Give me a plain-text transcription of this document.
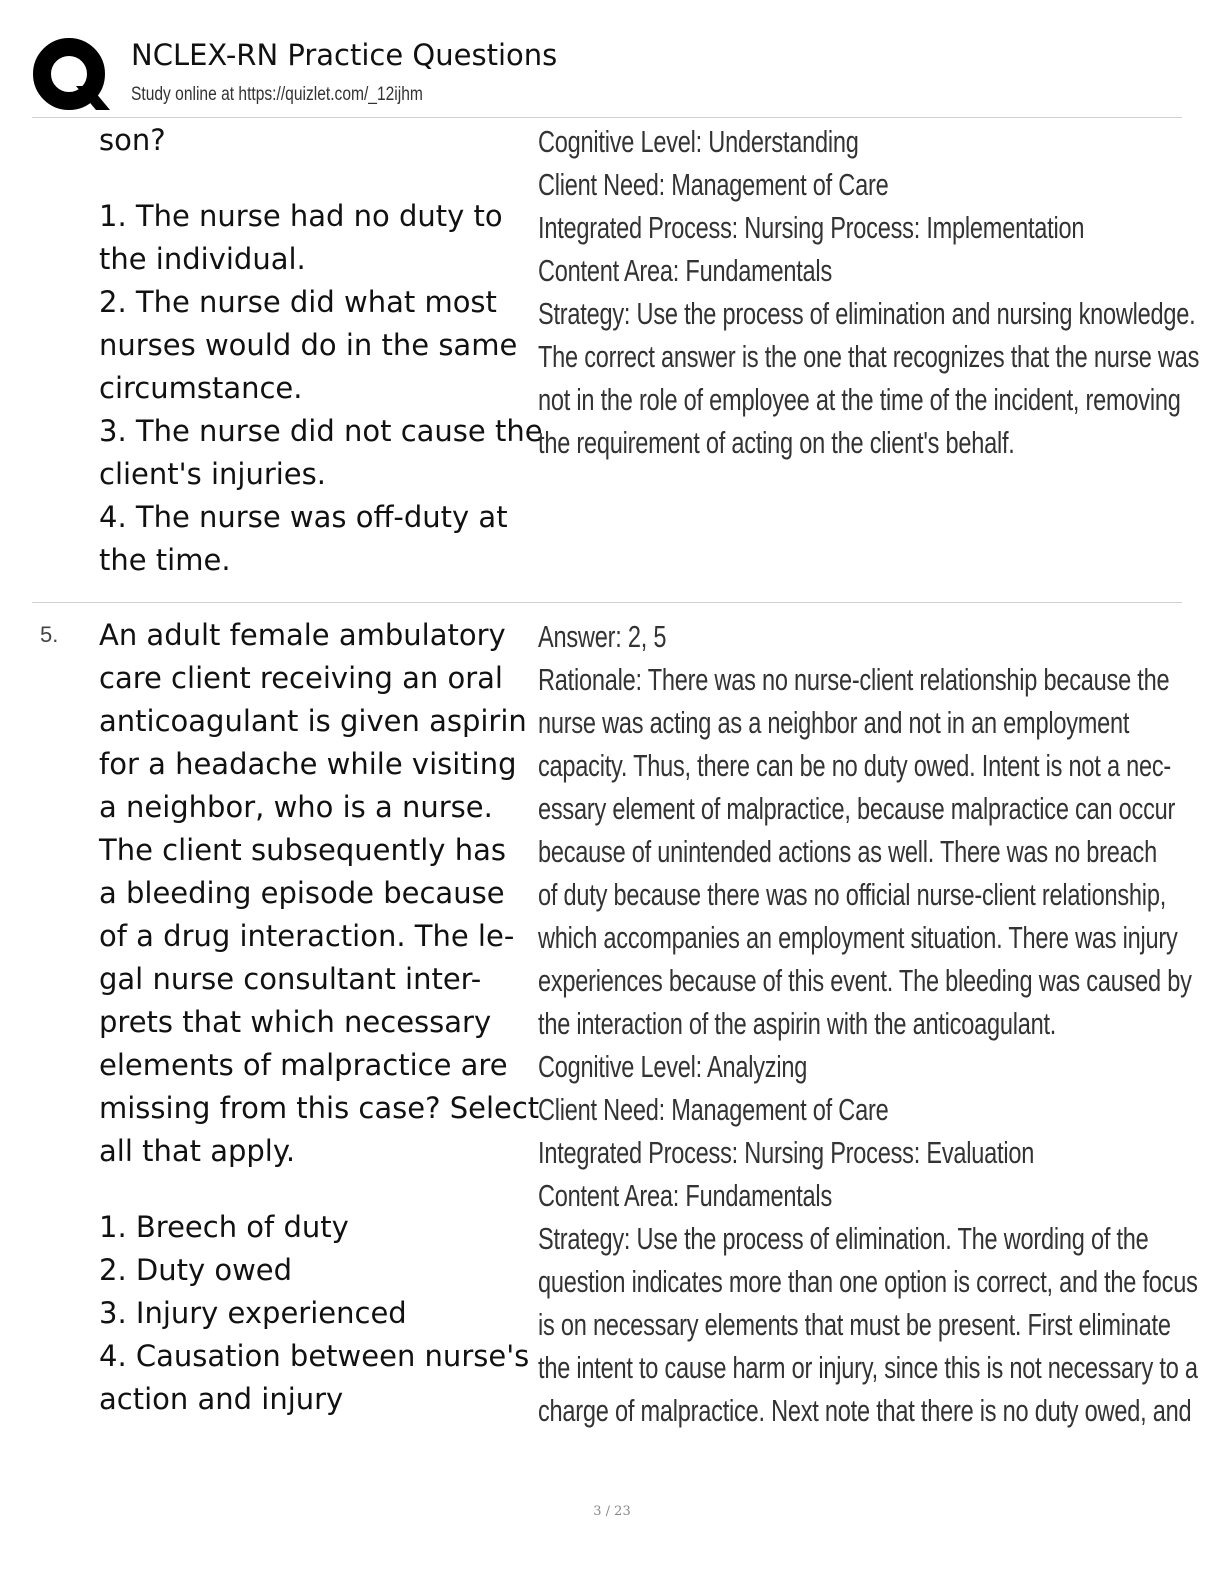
NCLEX-RN Practice Questions
Study online at https://quizlet.com/_12ijhm
son?
1. The nurse had no duty to
the individual.
2. The nurse did what most
nurses would do in the same
circumstance.
3. The nurse did not cause the
client's injuries.
4. The nurse was off-duty at
the time.
Cognitive Level: Understanding
Client Need: Management of Care
Integrated Process: Nursing Process: Implementation
Content Area: Fundamentals
Strategy: Use the process of elimination and nursing knowledge.
The correct answer is the one that recognizes that the nurse was
not in the role of employee at the time of the incident, removing
the requirement of acting on the client's behalf.
5. An adult female ambulatory
care client receiving an oral
anticoagulant is given aspirin
for a headache while visiting
a neighbor, who is a nurse.
The client subsequently has
a bleeding episode because
of a drug interaction. The le-
gal nurse consultant inter-
prets that which necessary
elements of malpractice are
missing from this case? Select
all that apply.
1. Breech of duty
2. Duty owed
3. Injury experienced
4. Causation between nurse's
action and injury
Answer: 2, 5
Rationale: There was no nurse-client relationship because the
nurse was acting as a neighbor and not in an employment
capacity. Thus, there can be no duty owed. Intent is not a nec-
essary element of malpractice, because malpractice can occur
because of unintended actions as well. There was no breach
of duty because there was no official nurse-client relationship,
which accompanies an employment situation. There was injury
experiences because of this event. The bleeding was caused by
the interaction of the aspirin with the anticoagulant.
Cognitive Level: Analyzing
Client Need: Management of Care
Integrated Process: Nursing Process: Evaluation
Content Area: Fundamentals
Strategy: Use the process of elimination. The wording of the
question indicates more than one option is correct, and the focus
is on necessary elements that must be present. First eliminate
the intent to cause harm or injury, since this is not necessary to a
charge of malpractice. Next note that there is no duty owed, and
3 / 23
